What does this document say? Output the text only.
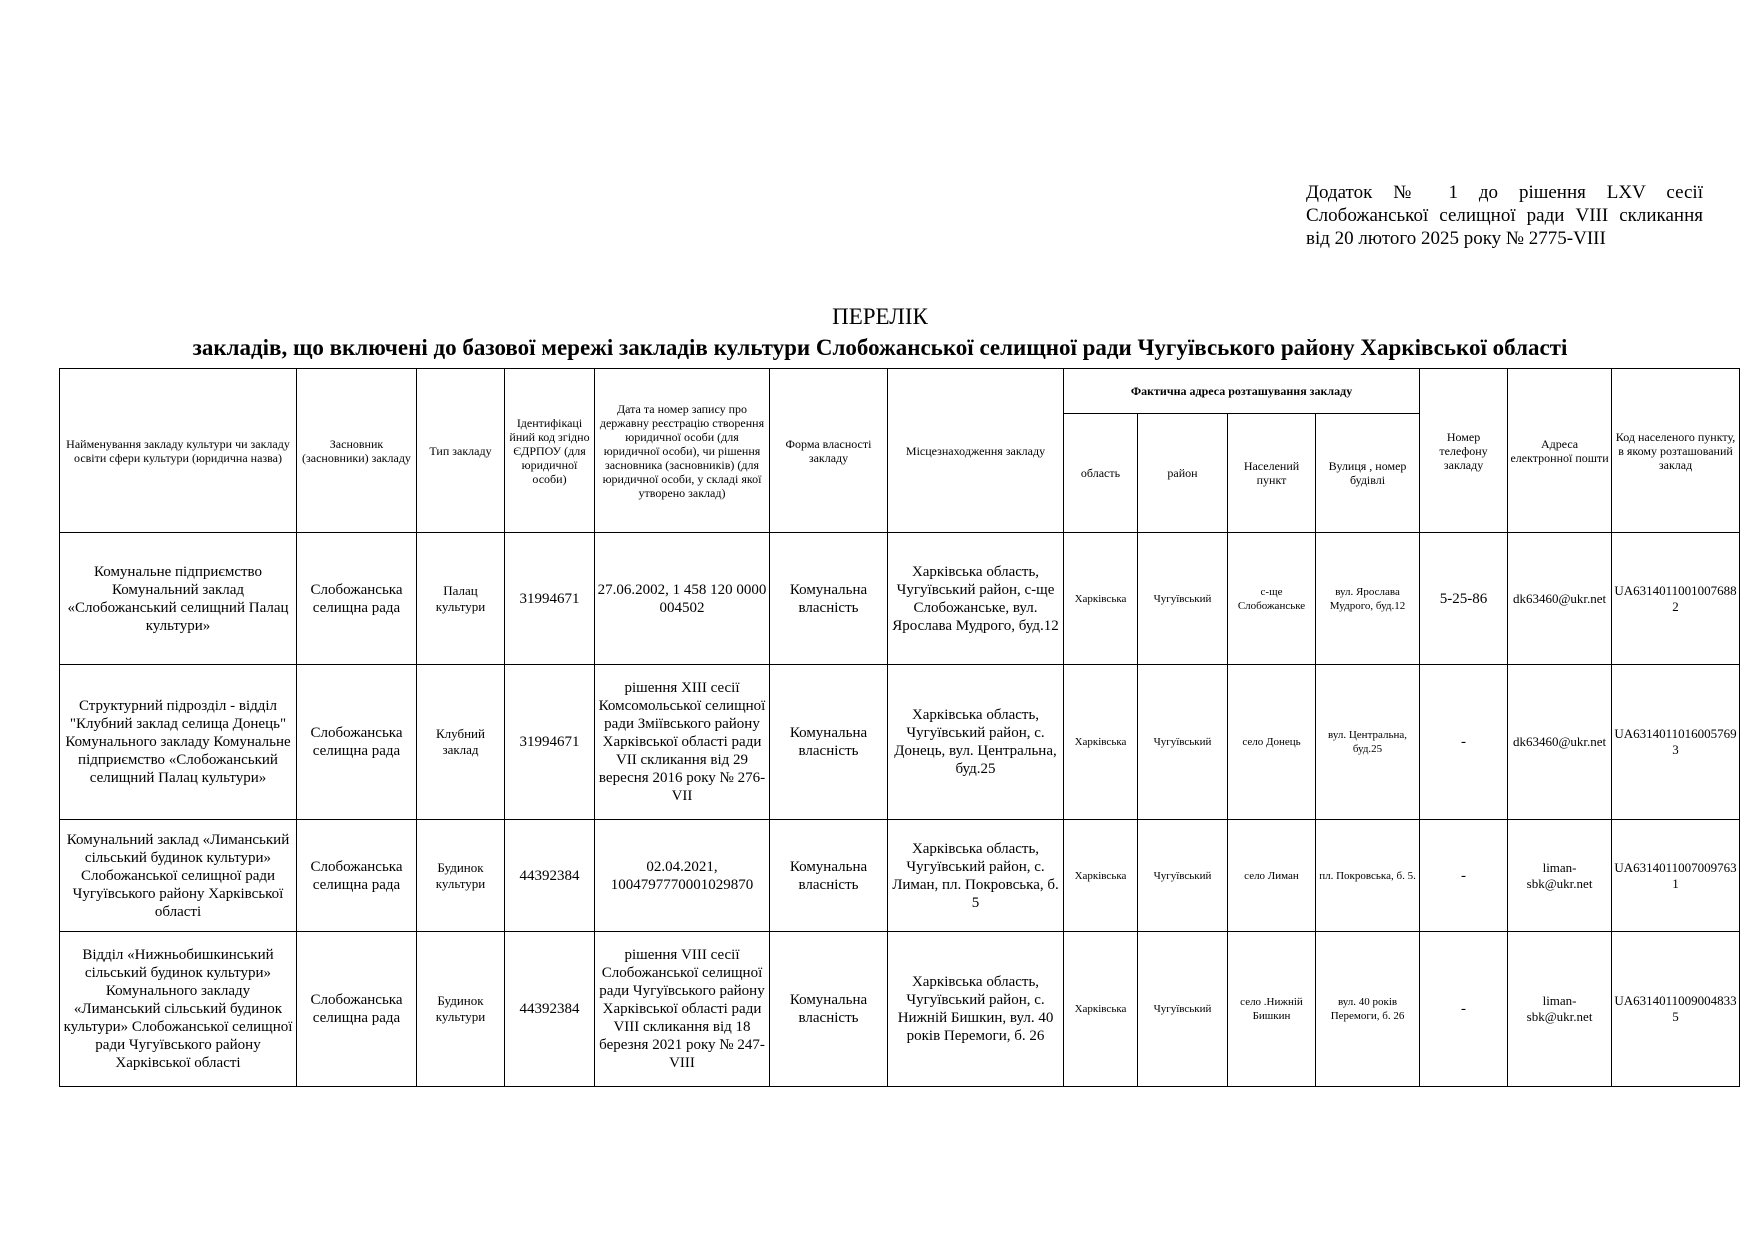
Додаток № 1 до рішення LXV сесії Слобожанської селищної ради VIII скликання від 20 лютого 2025 року № 2775-VIII
ПЕРЕЛІК
закладів, що включені до базової мережі закладів культури Слобожанської селищної ради Чугуївського району Харківської області
Найменування закладу культури чи закладу освіти сфери культури (юридична назва)	Засновник (засновники) закладу	Тип закладу	Ідентифікаці йний код згідно ЄДРПОУ (для юридичної особи)	Дата та номер запису про державну реєстрацію створення юридичної особи (для юридичної особи), чи рішення засновника (засновників) (для юридичної особи, у складі якої утворено заклад)	Форма власності закладу	Місцезнаходження закладу	Фактична адреса розташування закладу				Номер телефону закладу	Адреса електронної пошти	Код населеного пункту, в якому розташований заклад
							область	район	Населений пункт	Вулиця , номер будівлі			
Комунальне підприємство Комунальний заклад «Слобожанський селищний Палац культури»	Слобожанська селищна рада	Палац культури	31994671	27.06.2002, 1 458 120 0000 004502	Комунальна власність	Харківська область, Чугуївський район, с-ще Слобожанське, вул. Ярослава Мудрого, буд.12	Харківська	Чугуївський	с-ще Слобожанське	вул. Ярослава Мудрого, буд.12	5-25-86	dk63460@ukr.net	UA63140110010076882
Структурний підрозділ - відділ "Клубний заклад селища Донець" Комунального закладу Комунальне підприємство «Слобожанський селищний Палац культури»	Слобожанська селищна рада	Клубний заклад	31994671	рішення XIII сесії Комсомольської селищної ради Зміївського району Харківської області ради VII скликання від 29 вересня 2016 року № 276-VII	Комунальна власність	Харківська область, Чугуївський район, с. Донець, вул. Центральна, буд.25	Харківська	Чугуївський	село Донець	вул. Центральна, буд.25	-	dk63460@ukr.net	UA63140110160057693
Комунальний заклад «Лиманський сільський будинок культури» Слобожанської селищної ради Чугуївського району Харківської області	Слобожанська селищна рада	Будинок культури	44392384	02.04.2021, 1004797770001029870	Комунальна власність	Харківська область, Чугуївський район, с. Лиман, пл. Покровська, б. 5	Харківська	Чугуївський	село Лиман	пл. Покровська, б. 5.	-	liman-sbk@ukr.net	UA63140110070097631
Відділ «Нижньобишкинський сільський будинок культури» Комунального закладу «Лиманський сільський будинок культури» Слобожанської селищної ради Чугуївського району Харківської області	Слобожанська селищна рада	Будинок культури	44392384	рішення VIII сесії Слобожанської селищної ради Чугуївського району Харківської області ради VIII скликання від 18 березня 2021 року № 247-VIII	Комунальна власність	Харківська область, Чугуївський район, с. Нижній Бишкин, вул. 40 років Перемоги, б. 26	Харківська	Чугуївський	село .Нижній Бишкин	вул. 40 років Перемоги, б. 26	-	liman-sbk@ukr.net	UA63140110090048335
